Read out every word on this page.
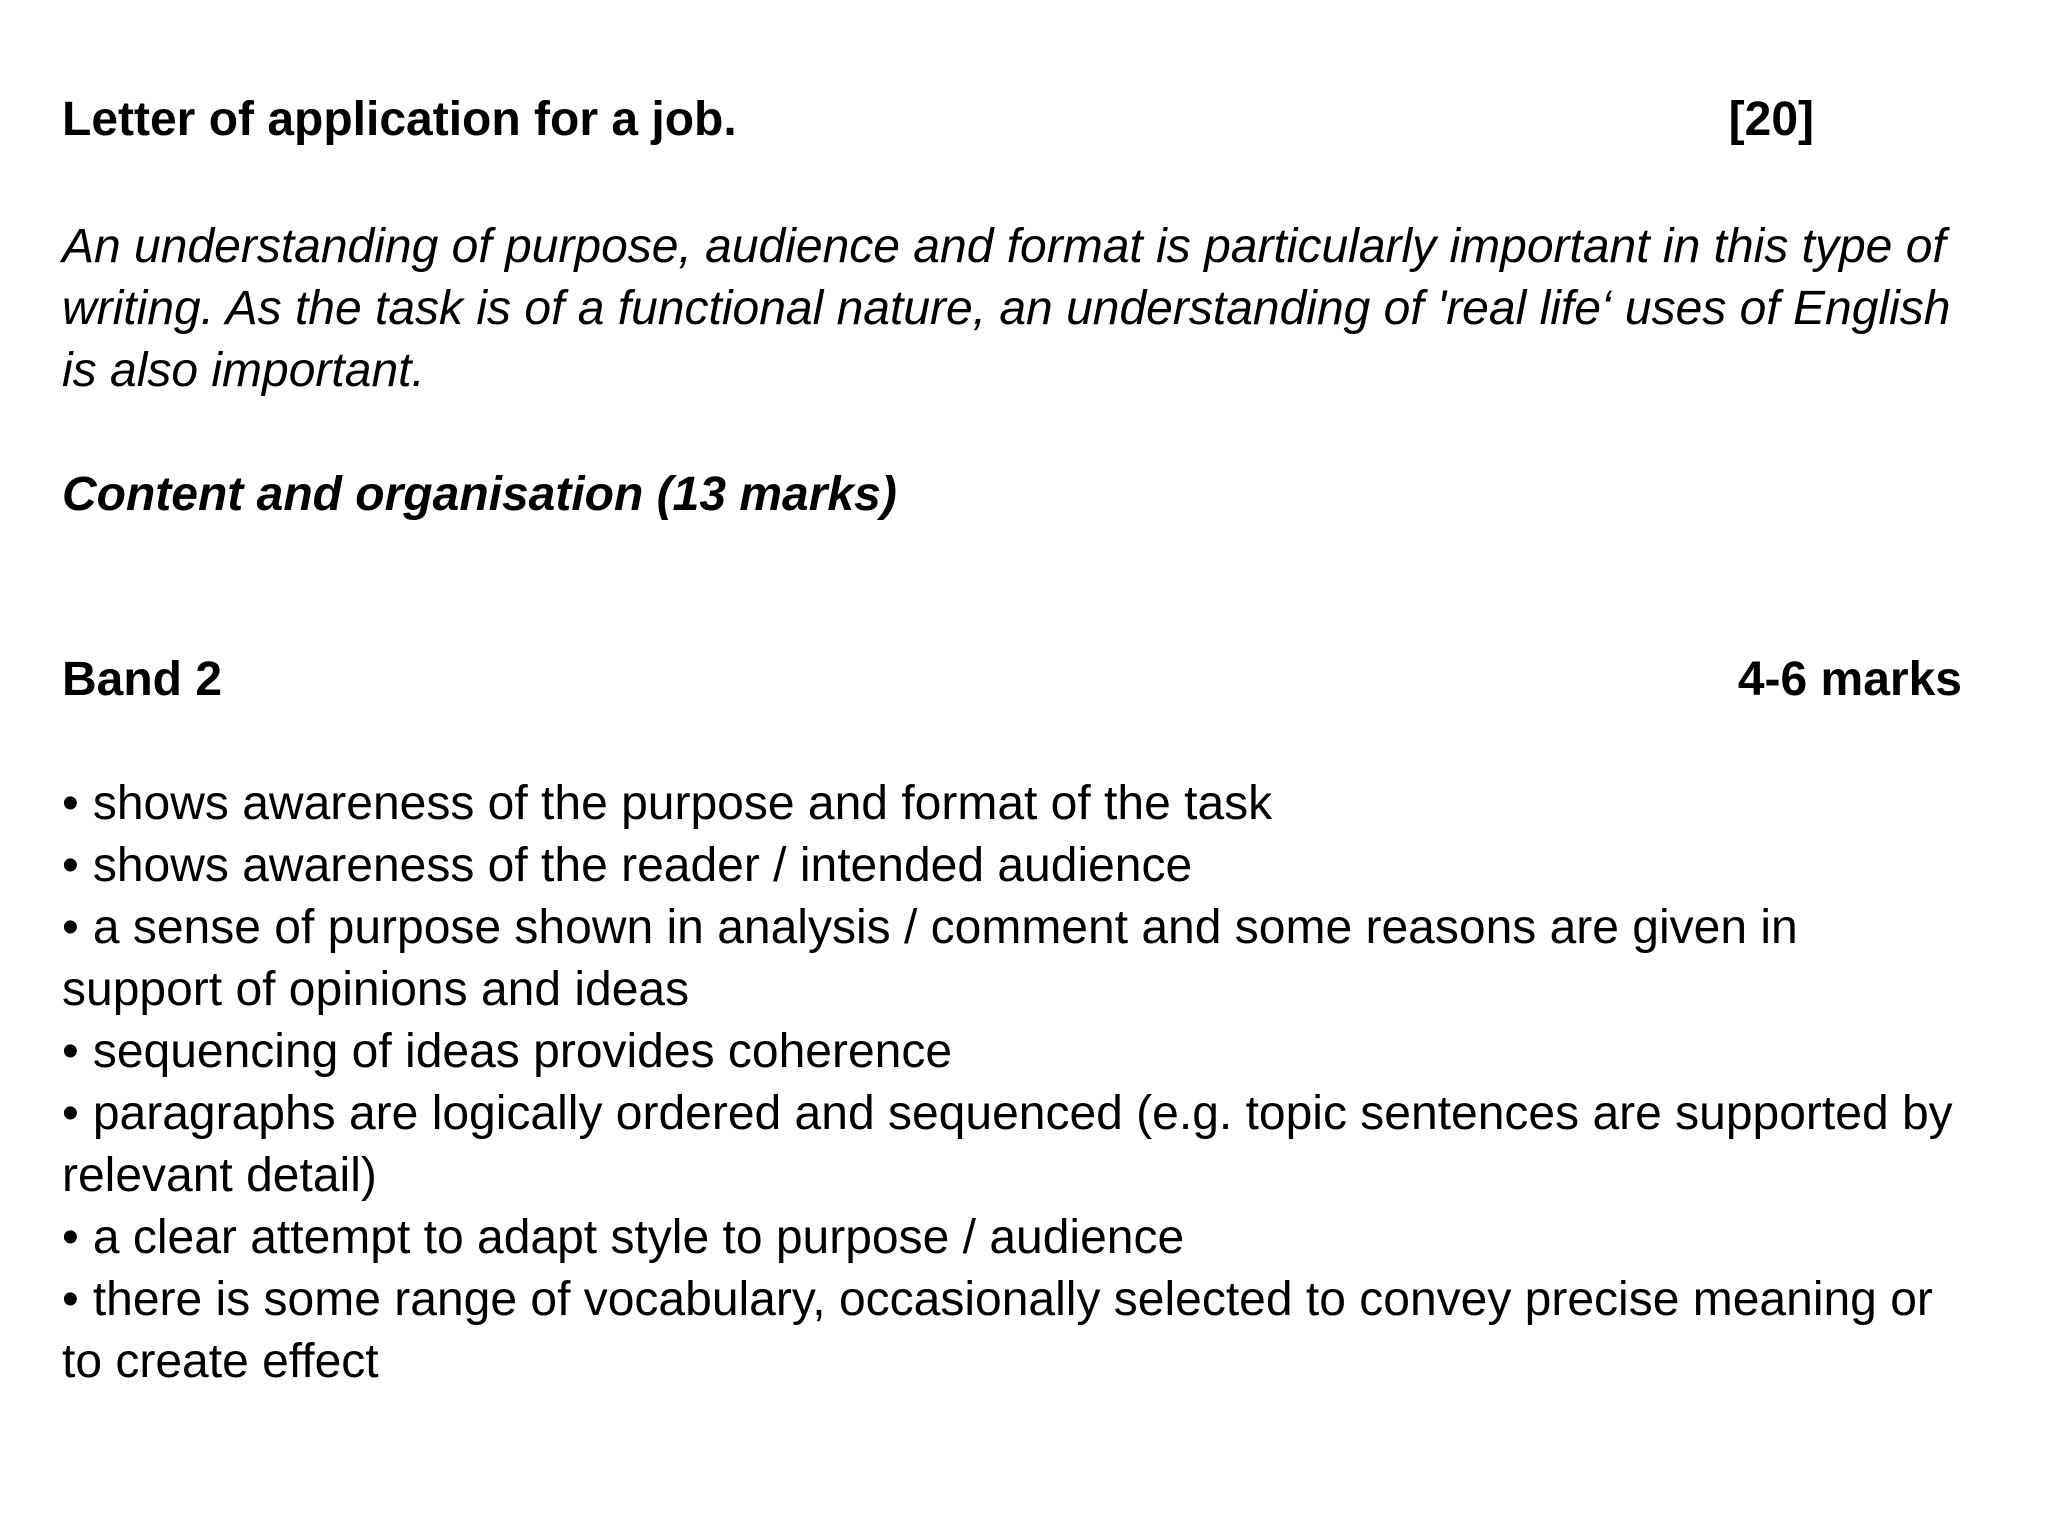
Letter of application for a job.	[20]

An understanding of purpose, audience and format is particularly important in this type of writing. As the task is of a functional nature, an understanding of 'real life‘ uses of English is also important.

Content and organisation (13 marks)

Band 2	4-6 marks
• shows awareness of the purpose and format of the task
• shows awareness of the reader / intended audience
• a sense of purpose shown in analysis / comment and some reasons are given in support of opinions and ideas
• sequencing of ideas provides coherence
• paragraphs are logically ordered and sequenced (e.g. topic sentences are supported by relevant detail)
• a clear attempt to adapt style to purpose / audience
• there is some range of vocabulary, occasionally selected to convey precise meaning or to create effect
